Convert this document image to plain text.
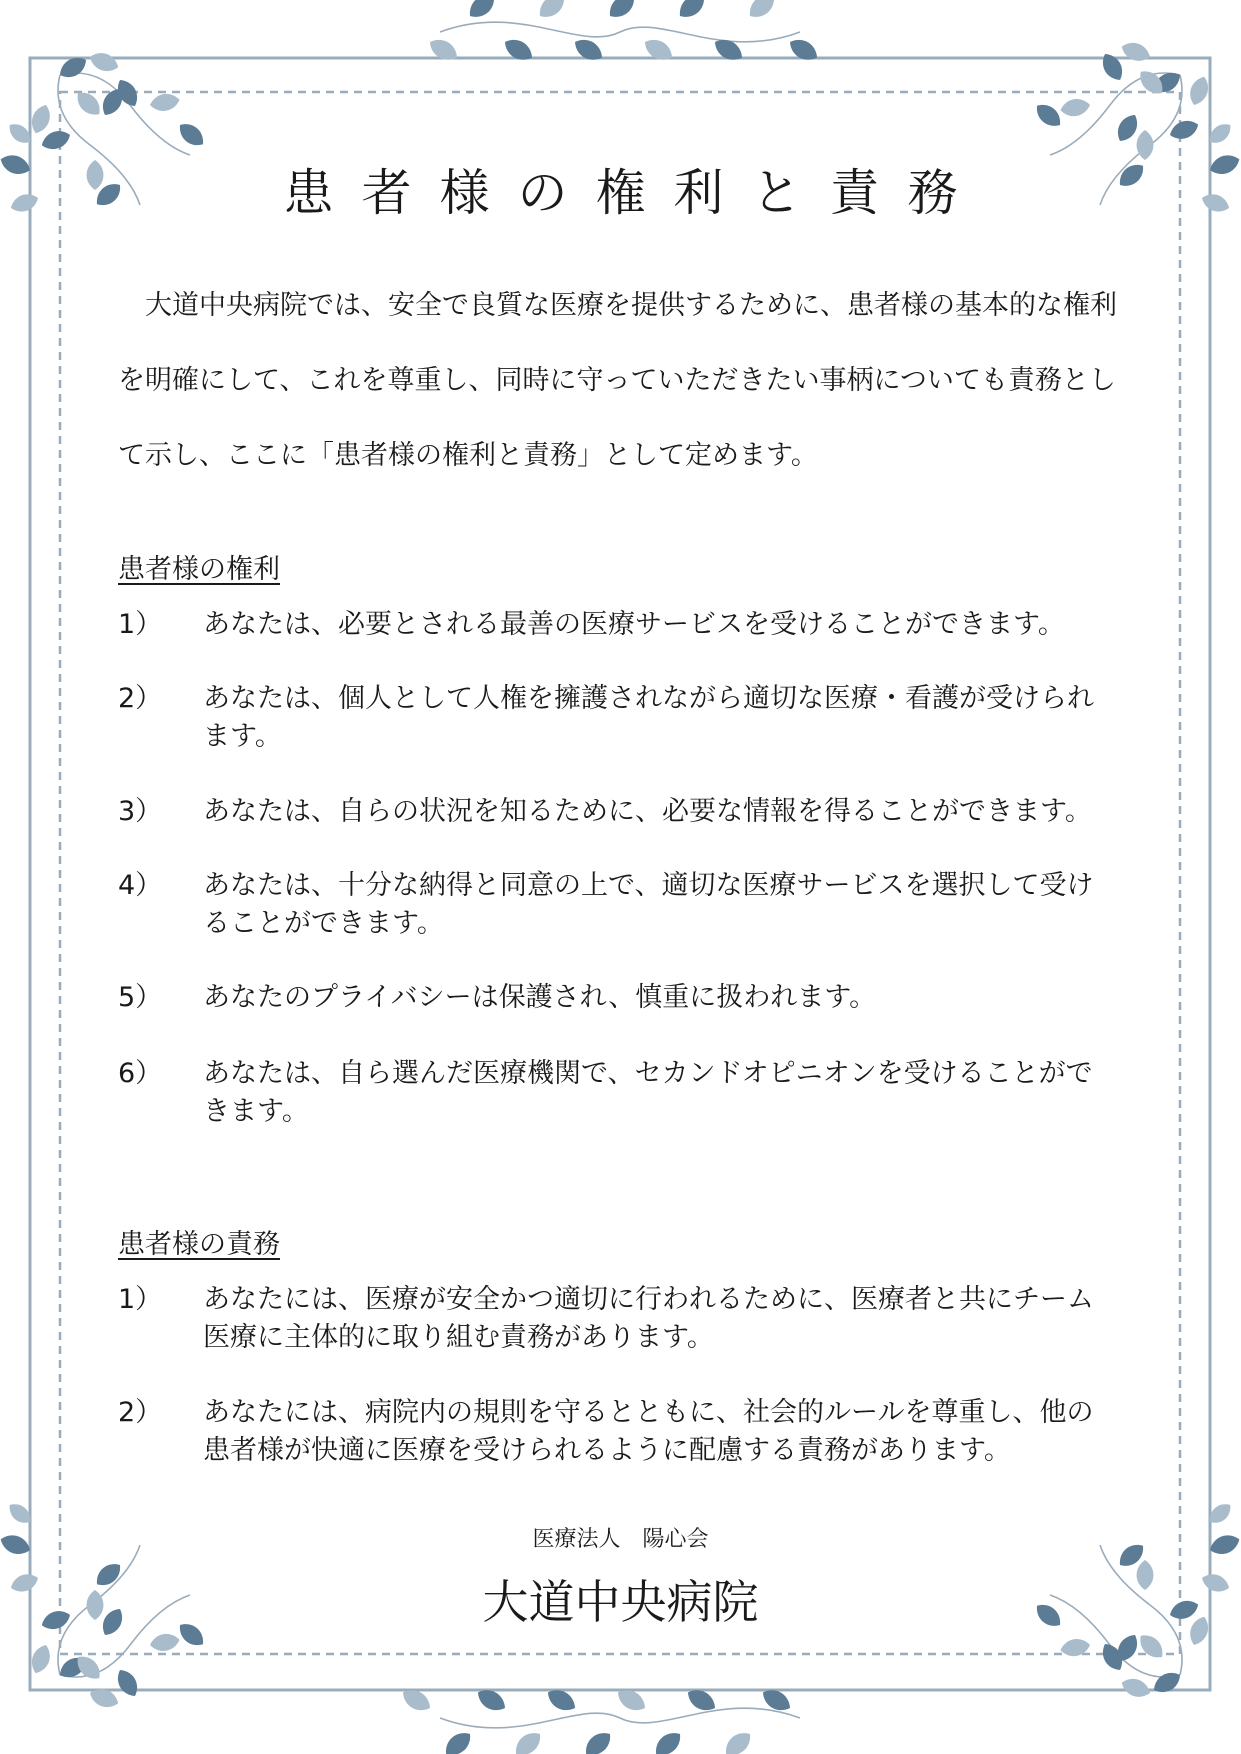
患者様の権利と責務

　大道中央病院では、安全で良質な医療を提供するために、患者様の基本的な権利を明確にして、これを尊重し、同時に守っていただきたい事柄についても責務として示し、ここに「患者様の権利と責務」として定めます。

患者様の権利
1）	あなたは、必要とされる最善の医療サービスを受けることができます。
2）	あなたは、個人として人権を擁護されながら適切な医療・看護が受けられます。
3）	あなたは、自らの状況を知るために、必要な情報を得ることができます。
4）	あなたは、十分な納得と同意の上で、適切な医療サービスを選択して受けることができます。
5）	あなたのプライバシーは保護され、慎重に扱われます。
6）	あなたは、自ら選んだ医療機関で、セカンドオピニオンを受けることができます。
患者様の責務
1）	あなたには、医療が安全かつ適切に行われるために、医療者と共にチーム医療に主体的に取り組む責務があります。
2）	あなたには、病院内の規則を守るとともに、社会的ルールを尊重し、他の患者様が快適に医療を受けられるように配慮する責務があります。
医療法人　陽心会
大道中央病院
